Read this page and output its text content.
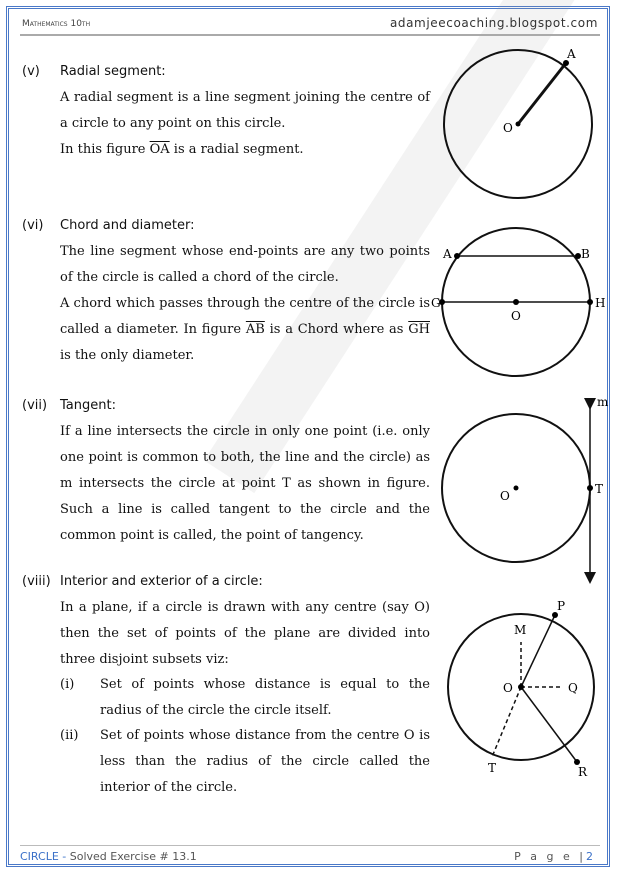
Mathematics 10th	adamjeecoaching.blogspot.com
(v) Radial segment:
A radial segment is a line segment joining the centre of a circle to any point on this circle.
In this figure $\overline{OA}$ is a radial segment.
(vi) Chord and diameter:
The line segment whose end-points are any two points of the circle is called a chord of the circle.
A chord which passes through the centre of the circle is called a diameter. In figure $\overline{AB}$ is a Chord where as $\overline{GH}$ is the only diameter.
(vii) Tangent:
If a line intersects the circle in only one point (i.e. only one point is common to both, the line and the circle) as m intersects the circle at point T as shown in figure. Such a line is called tangent to the circle and the common point is called, the point of tangency.
(viii) Interior and exterior of a circle:
In a plane, if a circle is drawn with any centre (say O) then the set of points of the plane are divided into three disjoint subsets viz:
(i) Set of points whose distance is equal to the radius of the circle the circle itself.
(ii) Set of points whose distance from the centre O is less than the radius of the circle called the interior of the circle.
O
A
A	B
G	H
O
O	T
m
P
M
O	Q
T	R
CIRCLE - Solved Exercise # 13.1	P a g e |2
